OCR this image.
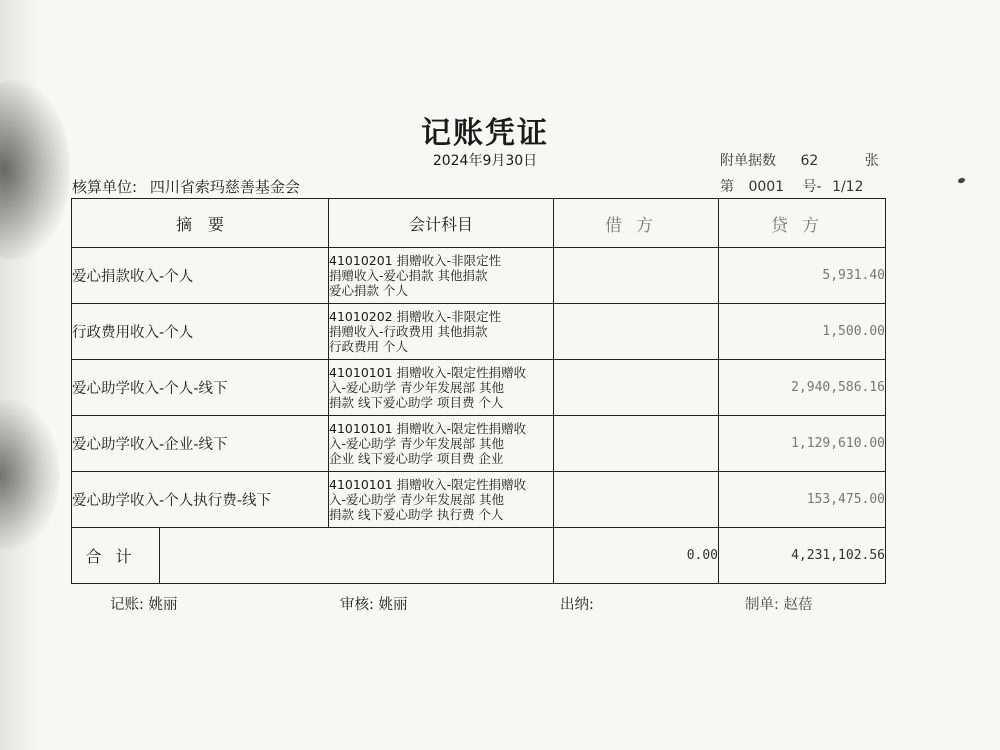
记账凭证
2024年9月30日	附单据数 62	张
核算单位: 四川省索玛慈善基金会	第 0001 号- 1/12
摘　要		会计科目	借方	贷方
爱心捐款收入-个人		41010201 捐赠收入-非限定性
捐赠收入-爱心捐款 其他捐款
爱心捐款 个人		5,931.40
行政费用收入-个人		41010202 捐赠收入-非限定性
捐赠收入-行政费用 其他捐款
行政费用 个人		1,500.00
爱心助学收入-个人-线下		41010101 捐赠收入-限定性捐赠收
入-爱心助学 青少年发展部 其他
捐款 线下爱心助学 项目费 个人		2,940,586.16
爱心助学收入-企业-线下		41010101 捐赠收入-限定性捐赠收
入-爱心助学 青少年发展部 其他
企业 线下爱心助学 项目费 企业		1,129,610.00
爱心助学收入-个人执行费-线下		41010101 捐赠收入-限定性捐赠收
入-爱心助学 青少年发展部 其他
捐款 线下爱心助学 执行费 个人		153,475.00
合计			0.00	4,231,102.56
记账: 姚丽	审核: 姚丽	出纳:	制单: 赵蓓
